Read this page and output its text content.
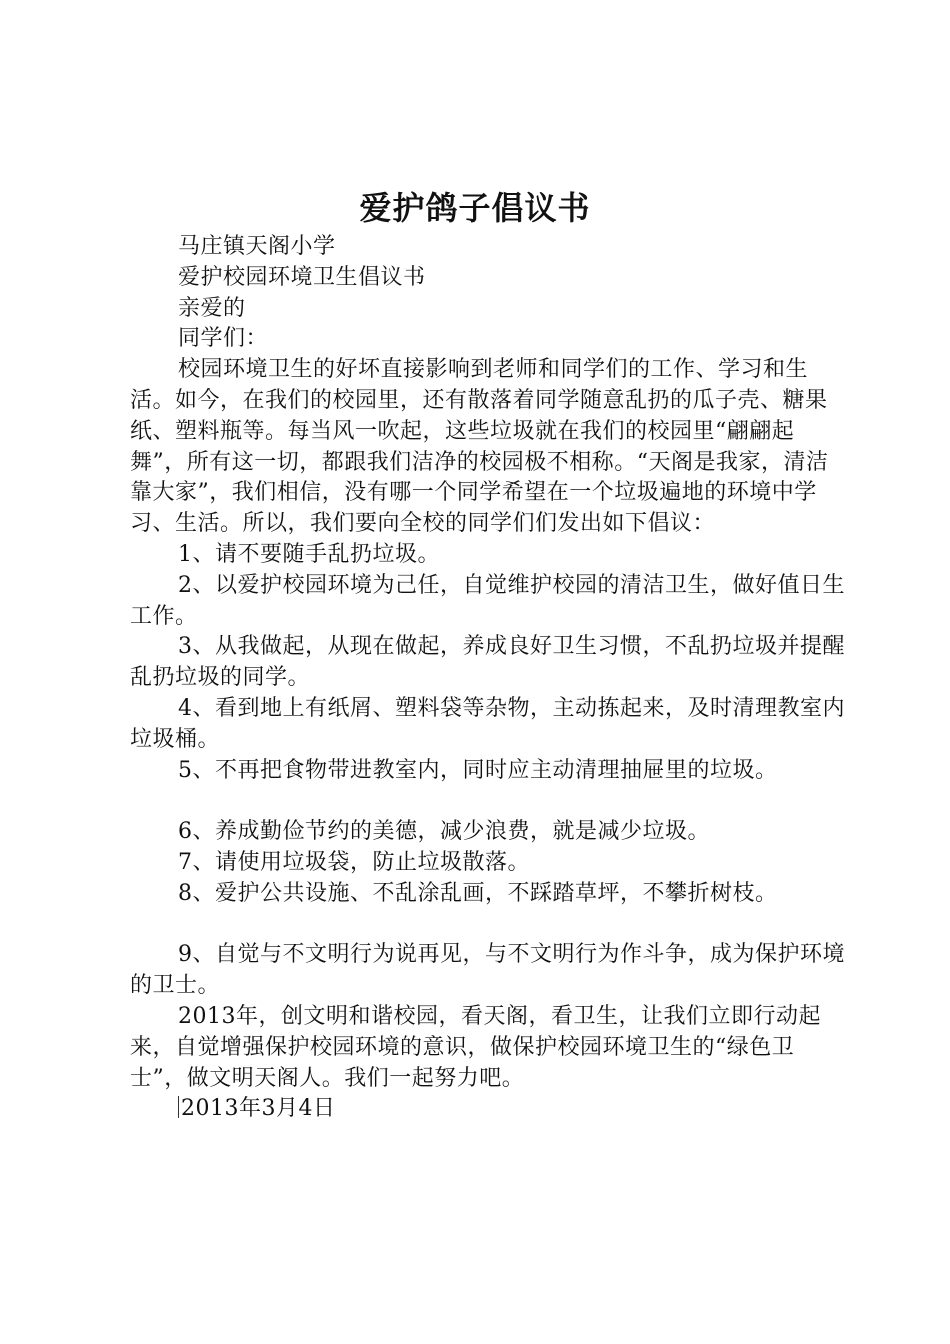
爱护鸽子倡议书

马庄镇天阁小学

爱护校园环境卫生倡议书

亲爱的

同学们：

校园环境卫生的好坏直接影响到老师和同学们的工作、学习和生活。如今，在我们的校园里，还有散落着同学随意乱扔的瓜子壳、糖果纸、塑料瓶等。每当风一吹起，这些垃圾就在我们的校园里“翩翩起舞”，所有这一切，都跟我们洁净的校园极不相称。“天阁是我家，清洁靠大家”，我们相信，没有哪一个同学希望在一个垃圾遍地的环境中学习、生活。所以，我们要向全校的同学们们发出如下倡议：

1、请不要随手乱扔垃圾。

2、以爱护校园环境为己任，自觉维护校园的清洁卫生，做好值日生工作。

3、从我做起，从现在做起，养成良好卫生习惯，不乱扔垃圾并提醒乱扔垃圾的同学。

4、看到地上有纸屑、塑料袋等杂物，主动拣起来，及时清理教室内垃圾桶。

5、不再把食物带进教室内，同时应主动清理抽屉里的垃圾。

6、养成勤俭节约的美德，减少浪费，就是减少垃圾。

7、请使用垃圾袋，防止垃圾散落。

8、爱护公共设施、不乱涂乱画，不踩踏草坪，不攀折树枝。

9、自觉与不文明行为说再见，与不文明行为作斗争，成为保护环境的卫士。

2013年，创文明和谐校园，看天阁，看卫生，让我们立即行动起来，自觉增强保护校园环境的意识，做保护校园环境卫生的“绿色卫士”，做文明天阁人。我们一起努力吧。

2013年3月4日
